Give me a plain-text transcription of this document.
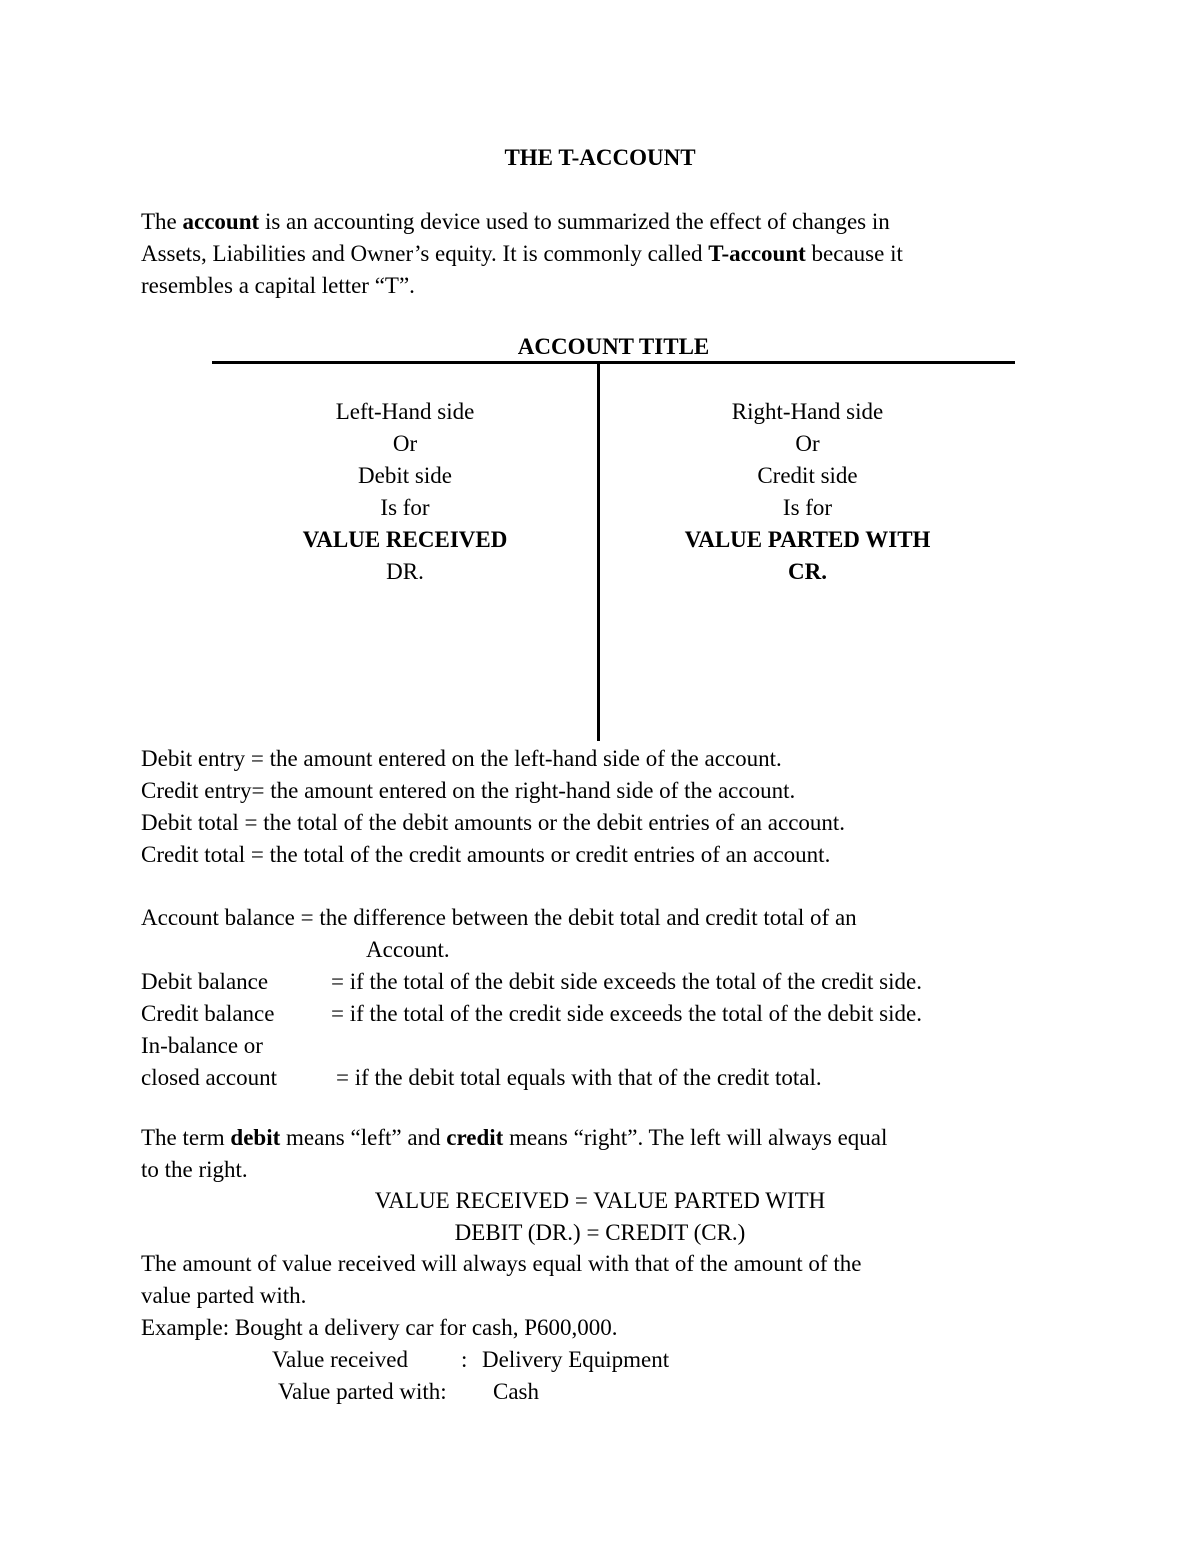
THE T-ACCOUNT
The account is an accounting device used to summarized the effect of changes in
Assets, Liabilities and Owner’s equity. It is commonly called T-account because it
resembles a capital letter “T”.
ACCOUNT TITLE
Left-Hand side
Or
Debit side
Is for
VALUE RECEIVED
DR.
Right-Hand side
Or
Credit side
Is for
VALUE PARTED WITH
CR.
Debit entry = the amount entered on the left-hand side of the account.
Credit entry= the amount entered on the right-hand side of the account.
Debit total = the total of the debit amounts or the debit entries of an account.
Credit total = the total of the credit amounts or credit entries of an account.
Account balance = the difference between the debit total and credit total of an
Account.
Debit balance	= if the total of the debit side exceeds the total of the credit side.
Credit balance = if the total of the credit side exceeds the total of the debit side.
In-balance or
closed account	= if the debit total equals with that of the credit total.
The term debit means “left” and credit means “right”. The left will always equal
to the right.
VALUE RECEIVED = VALUE PARTED WITH
DEBIT (DR.) = CREDIT (CR.)
The amount of value received will always equal with that of the amount of the
value parted with.
Example: Bought a delivery car for cash, P600,000.
Value received : Delivery Equipment
Value parted with: Cash
